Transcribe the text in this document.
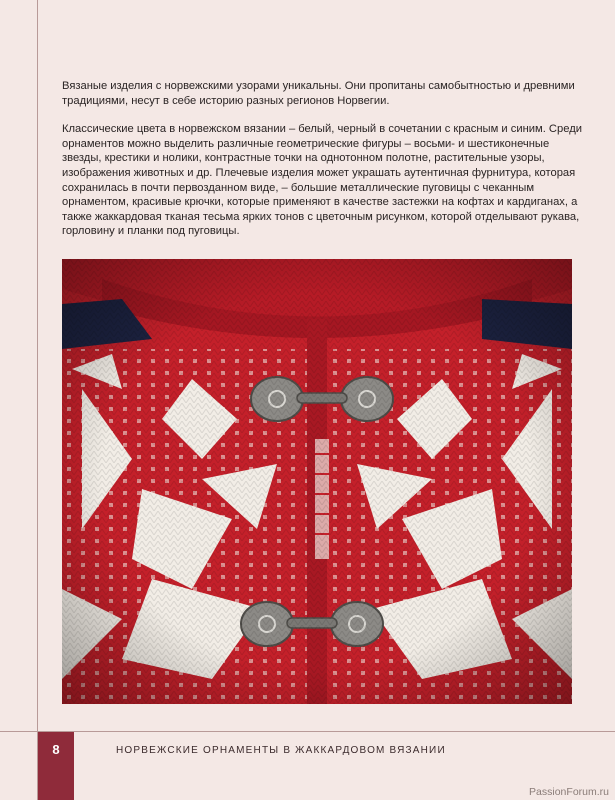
Вязаные изделия с норвежскими узорами уникальны. Они пропитаны самобытностью и древними традициями, несут в себе историю разных регионов Норвегии.

Классические цвета в норвежском вязании – белый, черный в сочетании с красным и синим. Среди орнаментов можно выделить различные геометрические фигуры – восьми- и шестиконечные звезды, крестики и нолики, контрастные точки на однотонном полотне, растительные узоры, изображения животных и др. Плечевые изделия может украшать аутентичная фурнитура, которая сохранилась в почти первозданном виде, – большие металлические пуговицы с чеканным орнаментом, красивые крючки, которые применяют в качестве застежки на кофтах и кардиганах, а также жаккардовая тканая тесьма ярких тонов с цветочным рисунком, которой отделывают рукава, горловину и планки под пуговицы.

8	НОРВЕЖСКИЕ ОРНАМЕНТЫ В ЖАККАРДОВОМ ВЯЗАНИИ
PassionForum.ru
